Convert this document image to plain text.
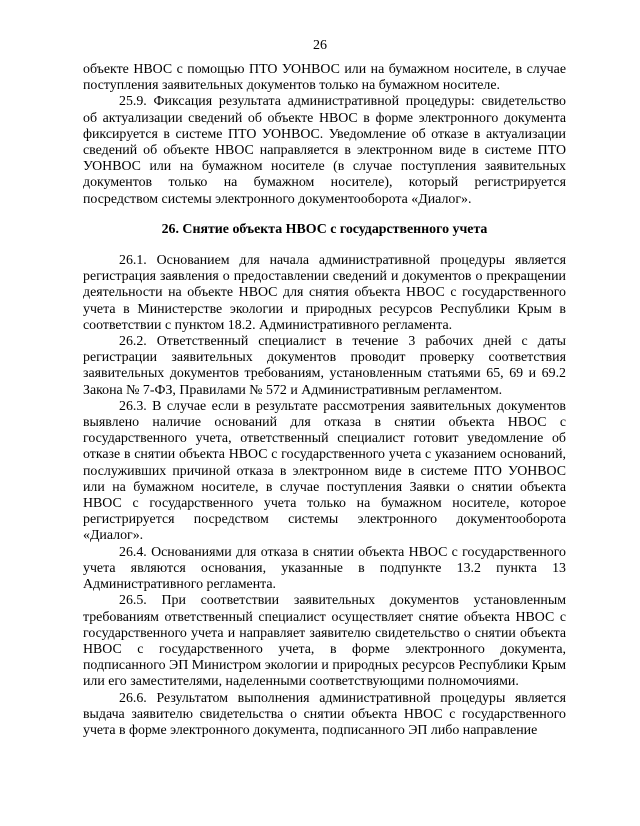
26

объекте НВОС с помощью ПТО УОНВОС или на бумажном носителе, в случае поступления заявительных документов только на бумажном носителе.

25.9. Фиксация результата административной процедуры: свидетельство об актуализации сведений об объекте НВОС в форме электронного документа фиксируется в системе ПТО УОНВОС. Уведомление об отказе в актуализации сведений об объекте НВОС направляется в электронном виде в системе ПТО УОНВОС или на бумажном носителе (в случае поступления заявительных документов только на бумажном носителе), который регистрируется посредством системы электронного документооборота «Диалог».

26. Снятие объекта НВОС с государственного учета

26.1. Основанием для начала административной процедуры является регистрация заявления о предоставлении сведений и документов о прекращении деятельности на объекте НВОС для снятия объекта НВОС с государственного учета в Министерстве экологии и природных ресурсов Республики Крым в соответствии с пунктом 18.2. Административного регламента.

26.2. Ответственный специалист в течение 3 рабочих дней с даты регистрации заявительных документов проводит проверку соответствия заявительных документов требованиям, установленным статьями 65, 69 и 69.2 Закона № 7-ФЗ, Правилами № 572 и Административным регламентом.

26.3. В случае если в результате рассмотрения заявительных документов выявлено наличие оснований для отказа в снятии объекта НВОС с государственного учета, ответственный специалист готовит уведомление об отказе в снятии объекта НВОС с государственного учета с указанием оснований, послуживших причиной отказа в электронном виде в системе ПТО УОНВОС или на бумажном носителе, в случае поступления Заявки о снятии объекта НВОС с государственного учета только на бумажном носителе, которое регистрируется посредством системы электронного документооборота «Диалог».

26.4. Основаниями для отказа в снятии объекта НВОС с государственного учета являются основания, указанные в подпункте 13.2 пункта 13 Административного регламента.

26.5. При соответствии заявительных документов установленным требованиям ответственный специалист осуществляет снятие объекта НВОС с государственного учета и направляет заявителю свидетельство о снятии объекта НВОС с государственного учета, в форме электронного документа, подписанного ЭП Министром экологии и природных ресурсов Республики Крым или его заместителями, наделенными соответствующими полномочиями.

26.6. Результатом выполнения административной процедуры является выдача заявителю свидетельства о снятии объекта НВОС с государственного учета в форме электронного документа, подписанного ЭП либо направление
